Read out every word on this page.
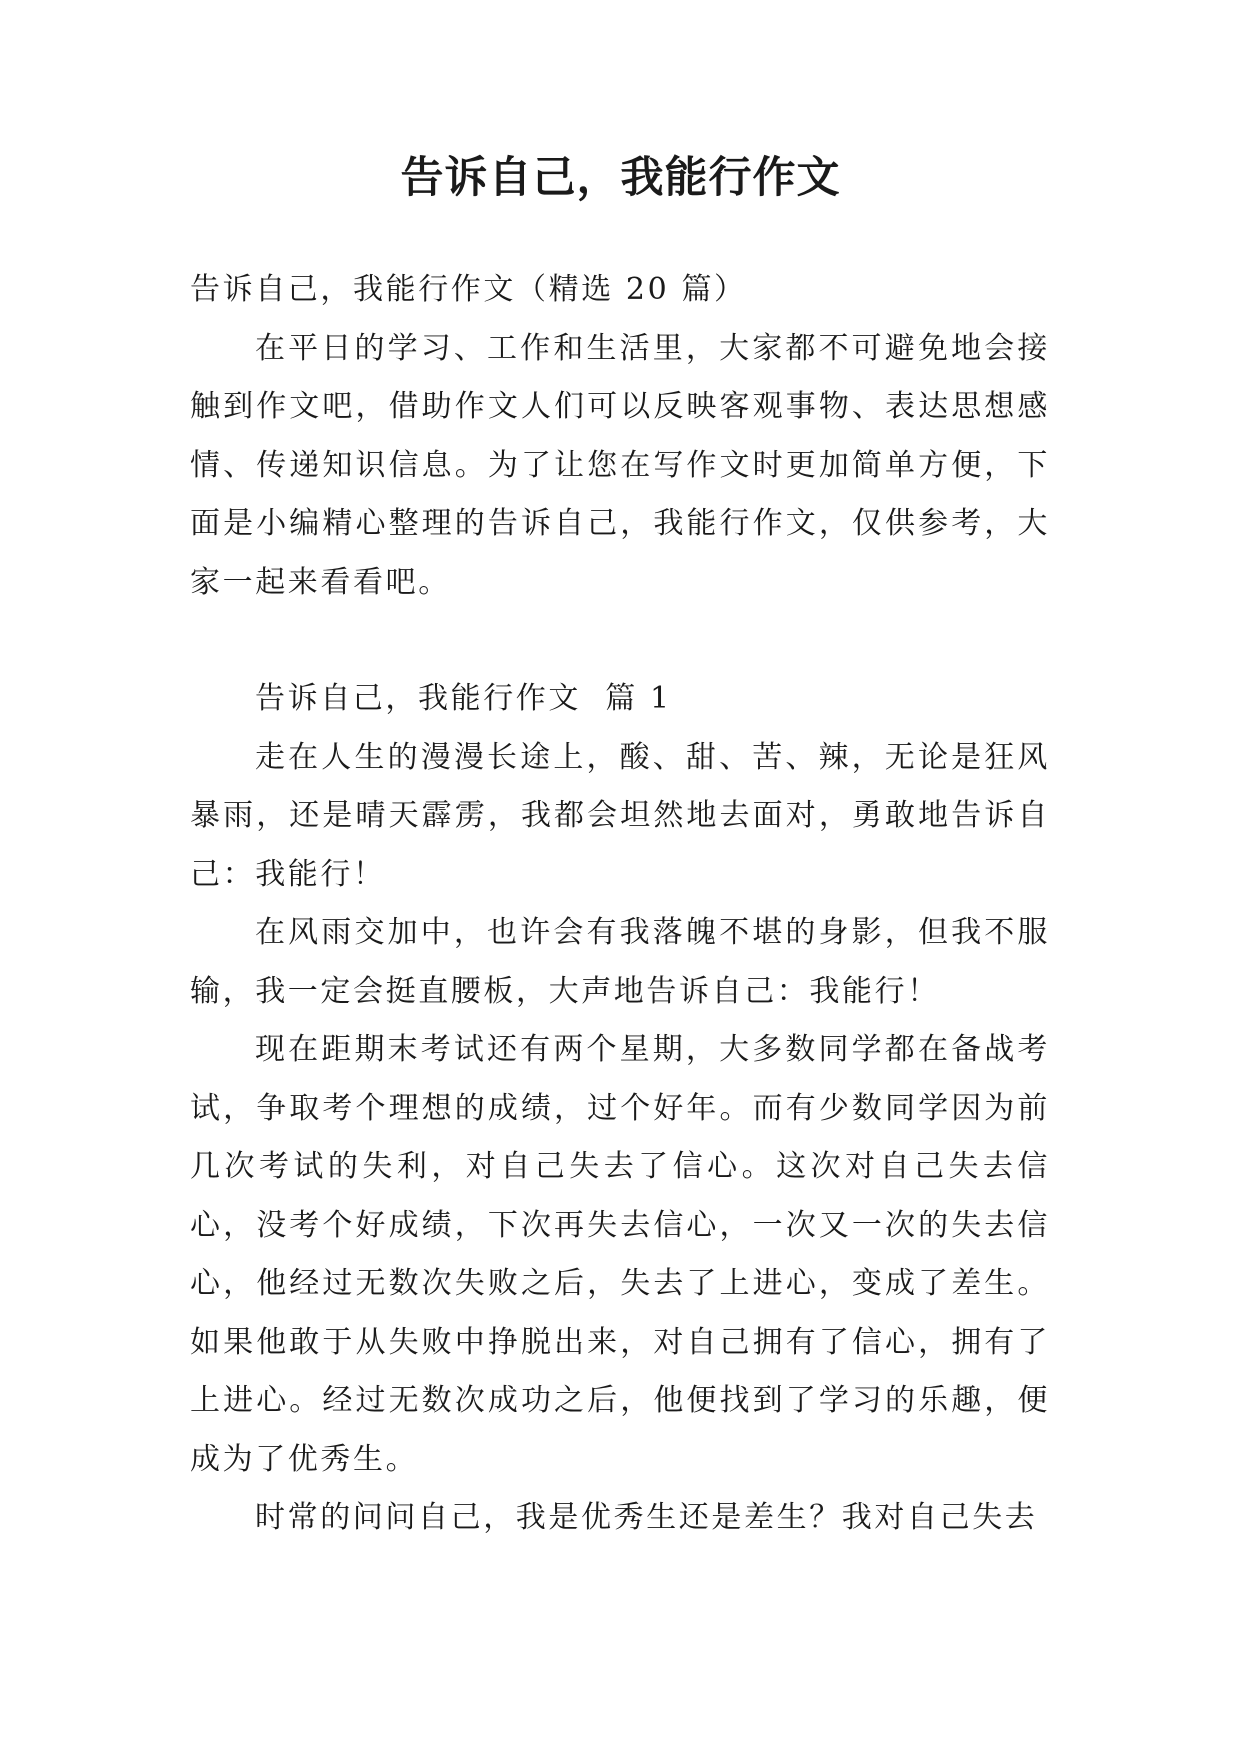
告诉自己，我能行作文

告诉自己，我能行作文（精选 20 篇）

在平日的学习、工作和生活里，大家都不可避免地会接触到作文吧，借助作文人们可以反映客观事物、表达思想感情、传递知识信息。为了让您在写作文时更加简单方便，下面是小编精心整理的告诉自己，我能行作文，仅供参考，大家一起来看看吧。

告诉自己，我能行作文  篇 1

走在人生的漫漫长途上，酸、甜、苦、辣，无论是狂风暴雨，还是晴天霹雳，我都会坦然地去面对，勇敢地告诉自己：我能行！

在风雨交加中，也许会有我落魄不堪的身影，但我不服输，我一定会挺直腰板，大声地告诉自己：我能行！

现在距期末考试还有两个星期，大多数同学都在备战考试，争取考个理想的成绩，过个好年。而有少数同学因为前几次考试的失利，对自己失去了信心。这次对自己失去信心，没考个好成绩，下次再失去信心，一次又一次的失去信心，他经过无数次失败之后，失去了上进心，变成了差生。如果他敢于从失败中挣脱出来，对自己拥有了信心，拥有了上进心。经过无数次成功之后，他便找到了学习的乐趣，便成为了优秀生。

时常的问问自己，我是优秀生还是差生？我对自己失去
